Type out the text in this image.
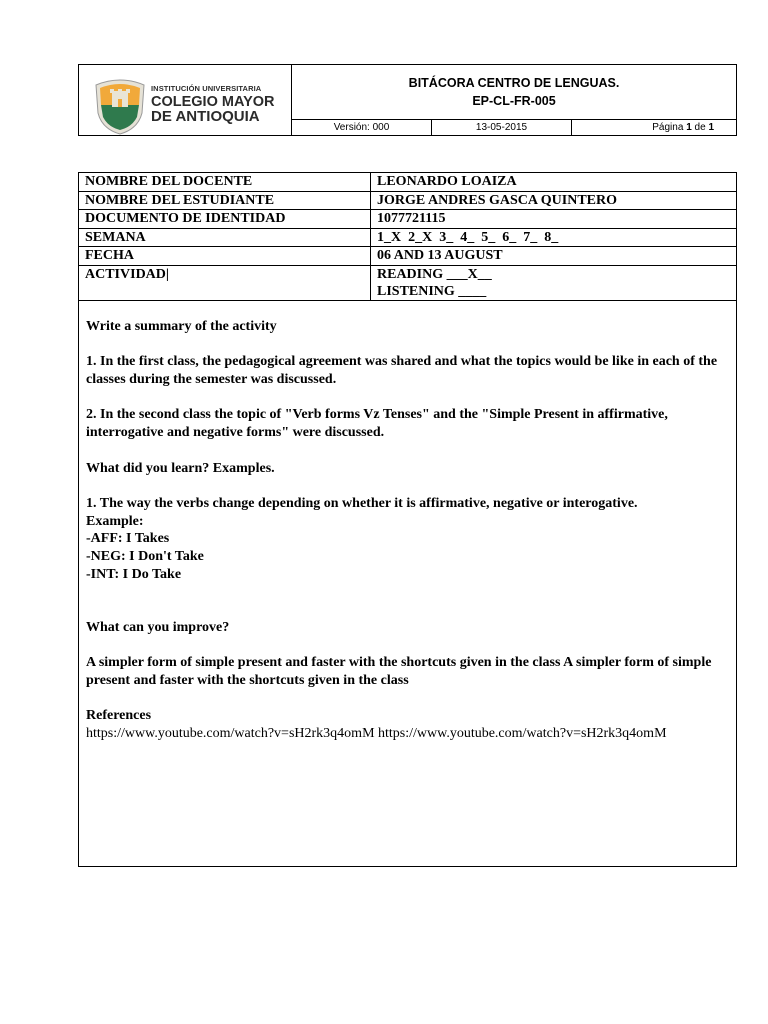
INSTITUCIÓN UNIVERSITARIA
COLEGIO MAYOR
DE ANTIOQUIA
BITÁCORA CENTRO DE LENGUAS.
EP-CL-FR-005
Versión: 000	13-05-2015	Página 1 de 1
NOMBRE DEL DOCENTE	LEONARDO LOAIZA
NOMBRE DEL ESTUDIANTE	JORGE ANDRES GASCA QUINTERO
DOCUMENTO DE IDENTIDAD	1077721115
SEMANA	1_X  2_X  3_  4_  5_  6_  7_  8_
FECHA	06 AND 13 AUGUST
ACTIVIDAD|	READING ___X__
LISTENING ____

Write a summary of the activity

1. In the first class, the pedagogical agreement was shared and what the topics would be like in each of the classes during the semester was discussed.

2. In the second class the topic of "Verb forms Vz Tenses" and the "Simple Present in affirmative, interrogative and negative forms" were discussed.

What did you learn? Examples.

1. The way the verbs change depending on whether it is affirmative, negative or interogative.

Example:

-AFF: I Takes

-NEG: I Don't Take

-INT: I Do Take

What can you improve?

A simpler form of simple present and faster with the shortcuts given in the class A simpler form of simple present and faster with the shortcuts given in the class

References

https://www.youtube.com/watch?v=sH2rk3q4omM https://www.youtube.com/watch?v=sH2rk3q4omM
